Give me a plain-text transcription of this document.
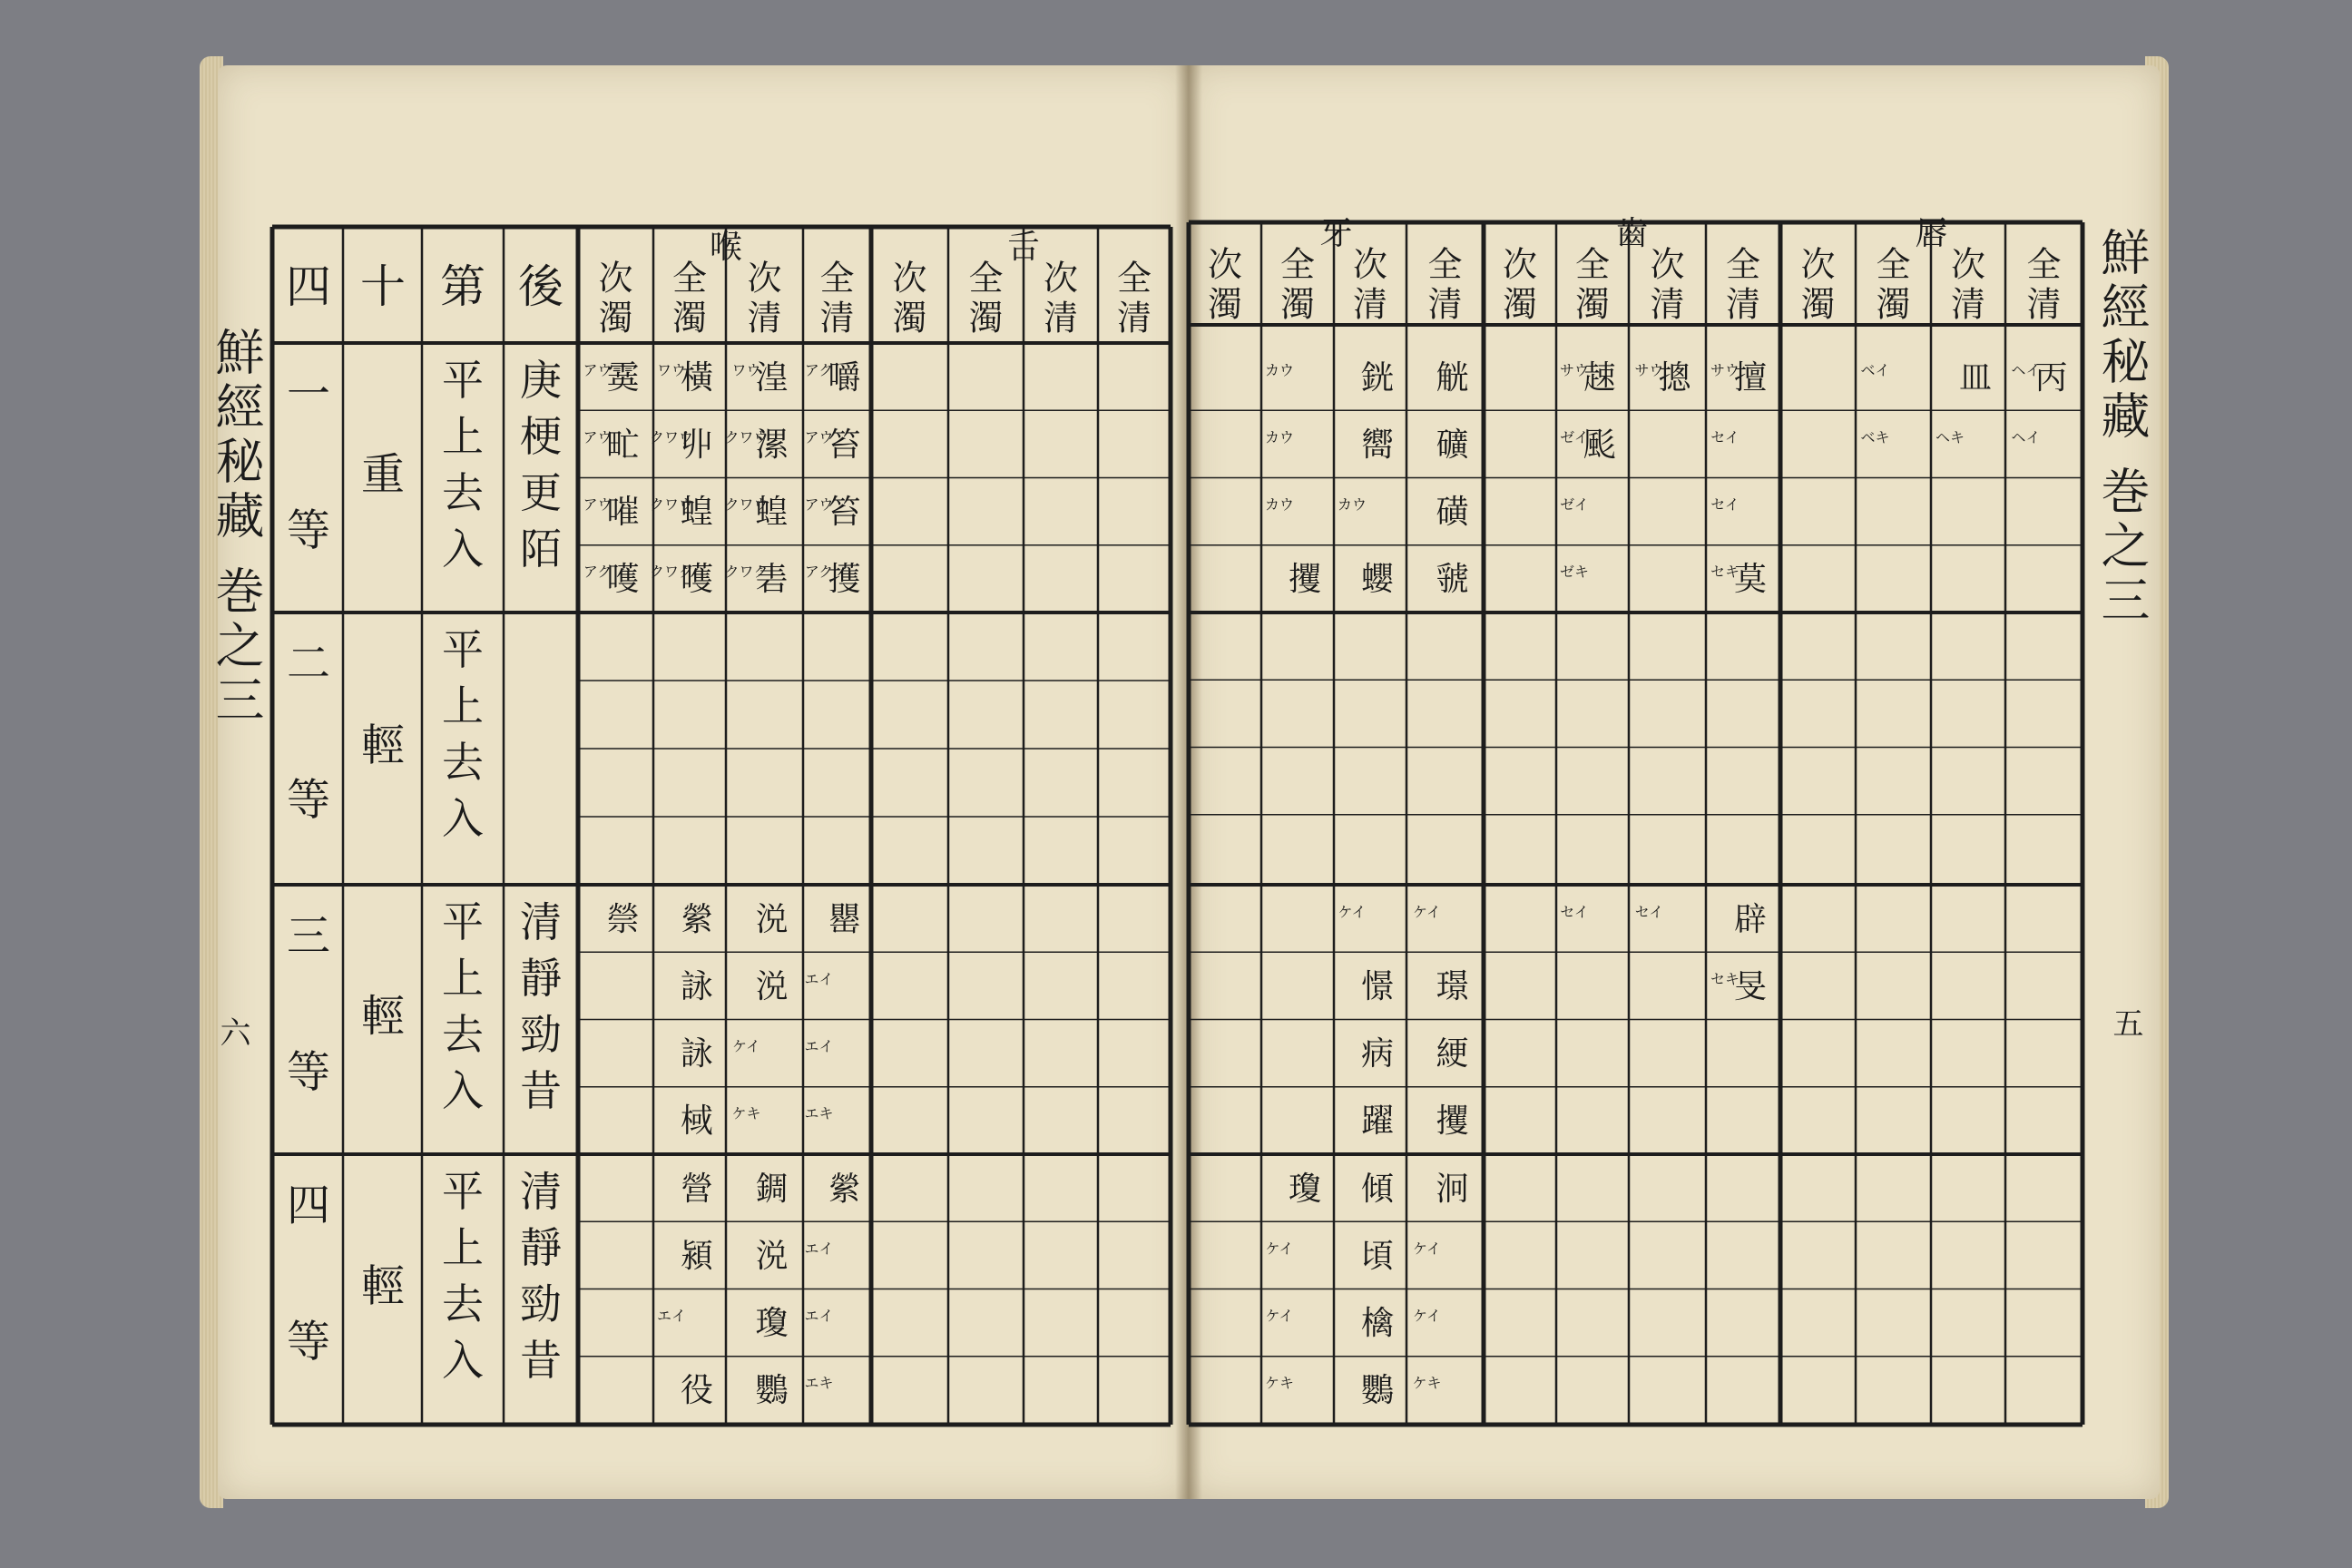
四 十 第 後
喉	舌
次
濁
全
濁
次
清
全
清
次
濁
全
濁
次
清
全
清
一
等
重
平
上
去
入
庚
梗
更
陌
二
等
輕
平
上
去
入
三
等
輕
平
上
去
入
清
靜
勁
昔
四
等
輕
平
上
去
入
清
靜
勁
昔
アク
嚼
ワウ
湟
ワウ
橫
アウ
霙
アウ
笞
クワウ
漯
クワウ
丱
アウ
甿
アウ
笞
クワウ
蝗
クワウ
蝗
アウ
嗺
アク
擭
クワク
砉
クワク
嚄
アク
嚄
罌
涚
縈
禜
エイ
涚
詠
エイ
ケイ
詠
エキ
ケキ
棫
縈
錭
營
エイ
涚
潁
エイ
瓊
エイ
エキ
鸚
役
牙
次
濁
全
濁
次
清
全
清
齒
次
濁
全
濁
次
清
全
清
唇
次
濁
全
濁
次
清
全
清
觥
銧
カウ
礦
嚮
カウ
磺
カウ
カウ
虢
蠳
攫
ケイ
ケイ
璟
憬
綆
病
攫
躍
泂
傾
瓊
ケイ
頃
ケイ
ケイ
檎
ケイ
ケキ
鸚
ケキ
サウ
擅
サウ
摠
サウ
趚
セイ
ゼイ
颩
セイ
ゼイ
セキ
莫
ゼキ
辟
セイ
セイ
セキ
旻
ヘイ
丙
皿
ベイ
ヘイ
ヘキ
ベキ
鮮經秘藏 巻之三
六
鮮經秘藏 巻之三
五
